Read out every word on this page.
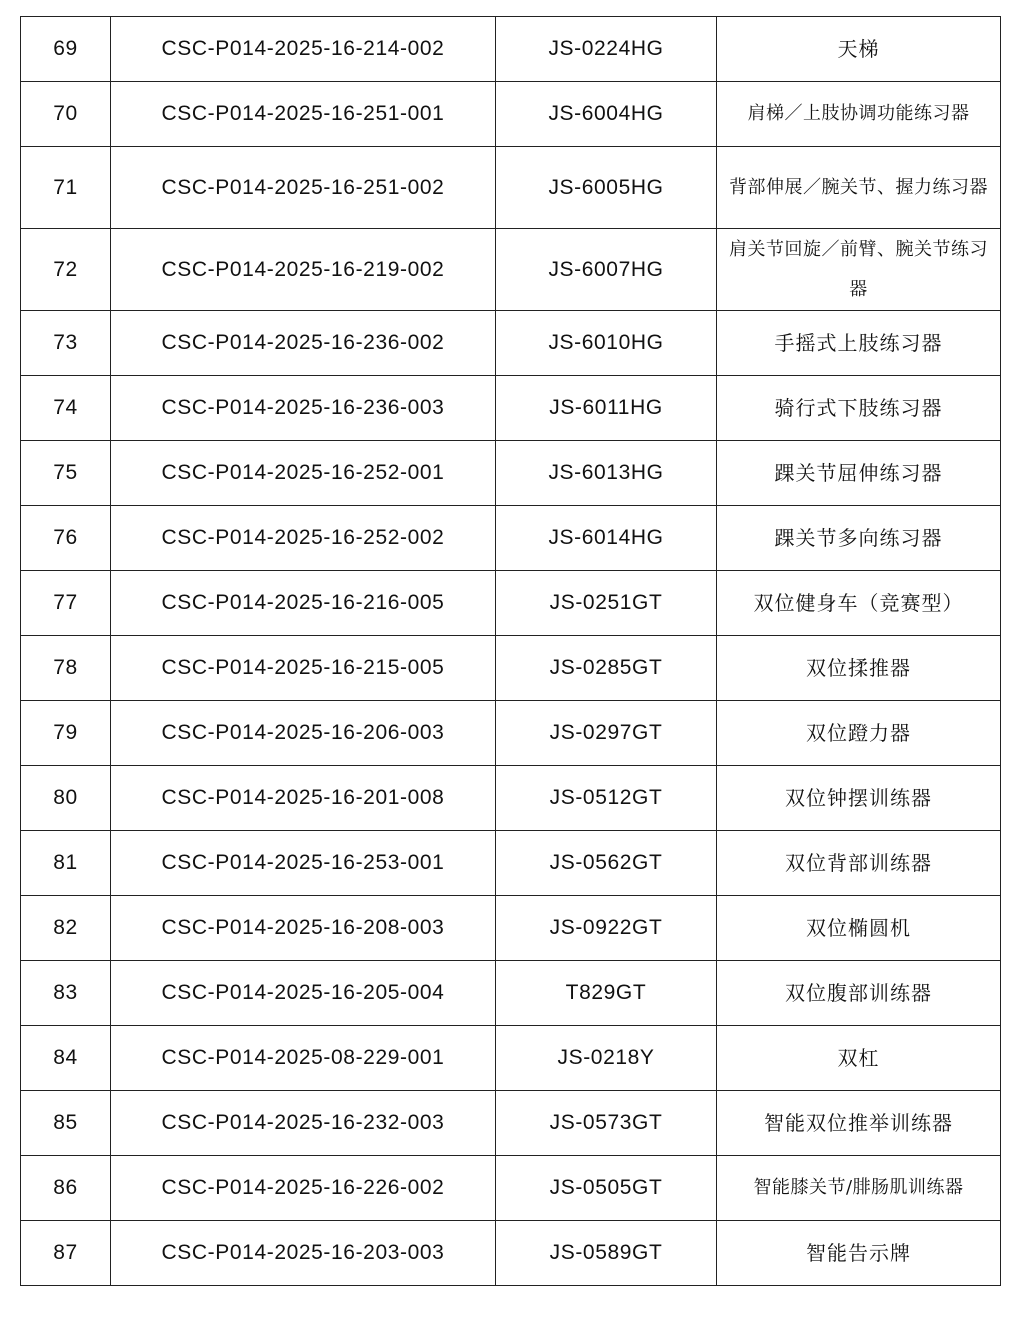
69	CSC-P014-2025-16-214-002	JS-0224HG	天梯
70	CSC-P014-2025-16-251-001	JS-6004HG	肩梯／上肢协调功能练习器
71	CSC-P014-2025-16-251-002	JS-6005HG	背部伸展／腕关节、握力练习器
72	CSC-P014-2025-16-219-002	JS-6007HG	肩关节回旋／前臂、腕关节练习器
73	CSC-P014-2025-16-236-002	JS-6010HG	手摇式上肢练习器
74	CSC-P014-2025-16-236-003	JS-6011HG	骑行式下肢练习器
75	CSC-P014-2025-16-252-001	JS-6013HG	踝关节屈伸练习器
76	CSC-P014-2025-16-252-002	JS-6014HG	踝关节多向练习器
77	CSC-P014-2025-16-216-005	JS-0251GT	双位健身车（竞赛型）
78	CSC-P014-2025-16-215-005	JS-0285GT	双位揉推器
79	CSC-P014-2025-16-206-003	JS-0297GT	双位蹬力器
80	CSC-P014-2025-16-201-008	JS-0512GT	双位钟摆训练器
81	CSC-P014-2025-16-253-001	JS-0562GT	双位背部训练器
82	CSC-P014-2025-16-208-003	JS-0922GT	双位椭圆机
83	CSC-P014-2025-16-205-004	T829GT	双位腹部训练器
84	CSC-P014-2025-08-229-001	JS-0218Y	双杠
85	CSC-P014-2025-16-232-003	JS-0573GT	智能双位推举训练器
86	CSC-P014-2025-16-226-002	JS-0505GT	智能膝关节/腓肠肌训练器
87	CSC-P014-2025-16-203-003	JS-0589GT	智能告示牌
